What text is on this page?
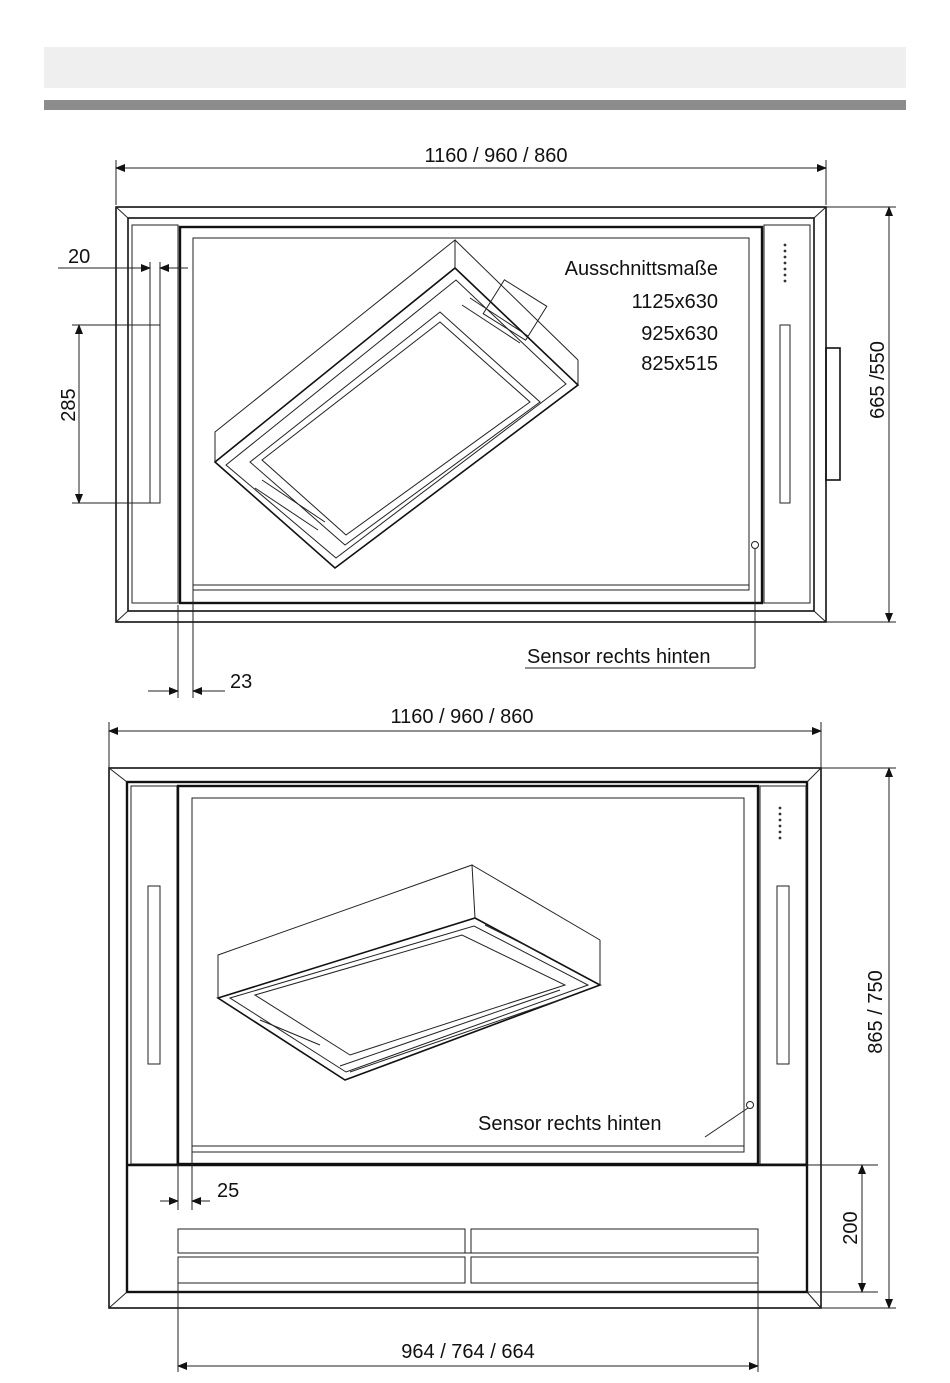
1160 / 960 / 860
665 /550
20
285
23
Ausschnittsmaße
1125x630
925x630
825x515
Sensor rechts hinten
1160 / 960 / 860
Sensor rechts hinten
865 / 750
200
25
964 / 764 / 664
